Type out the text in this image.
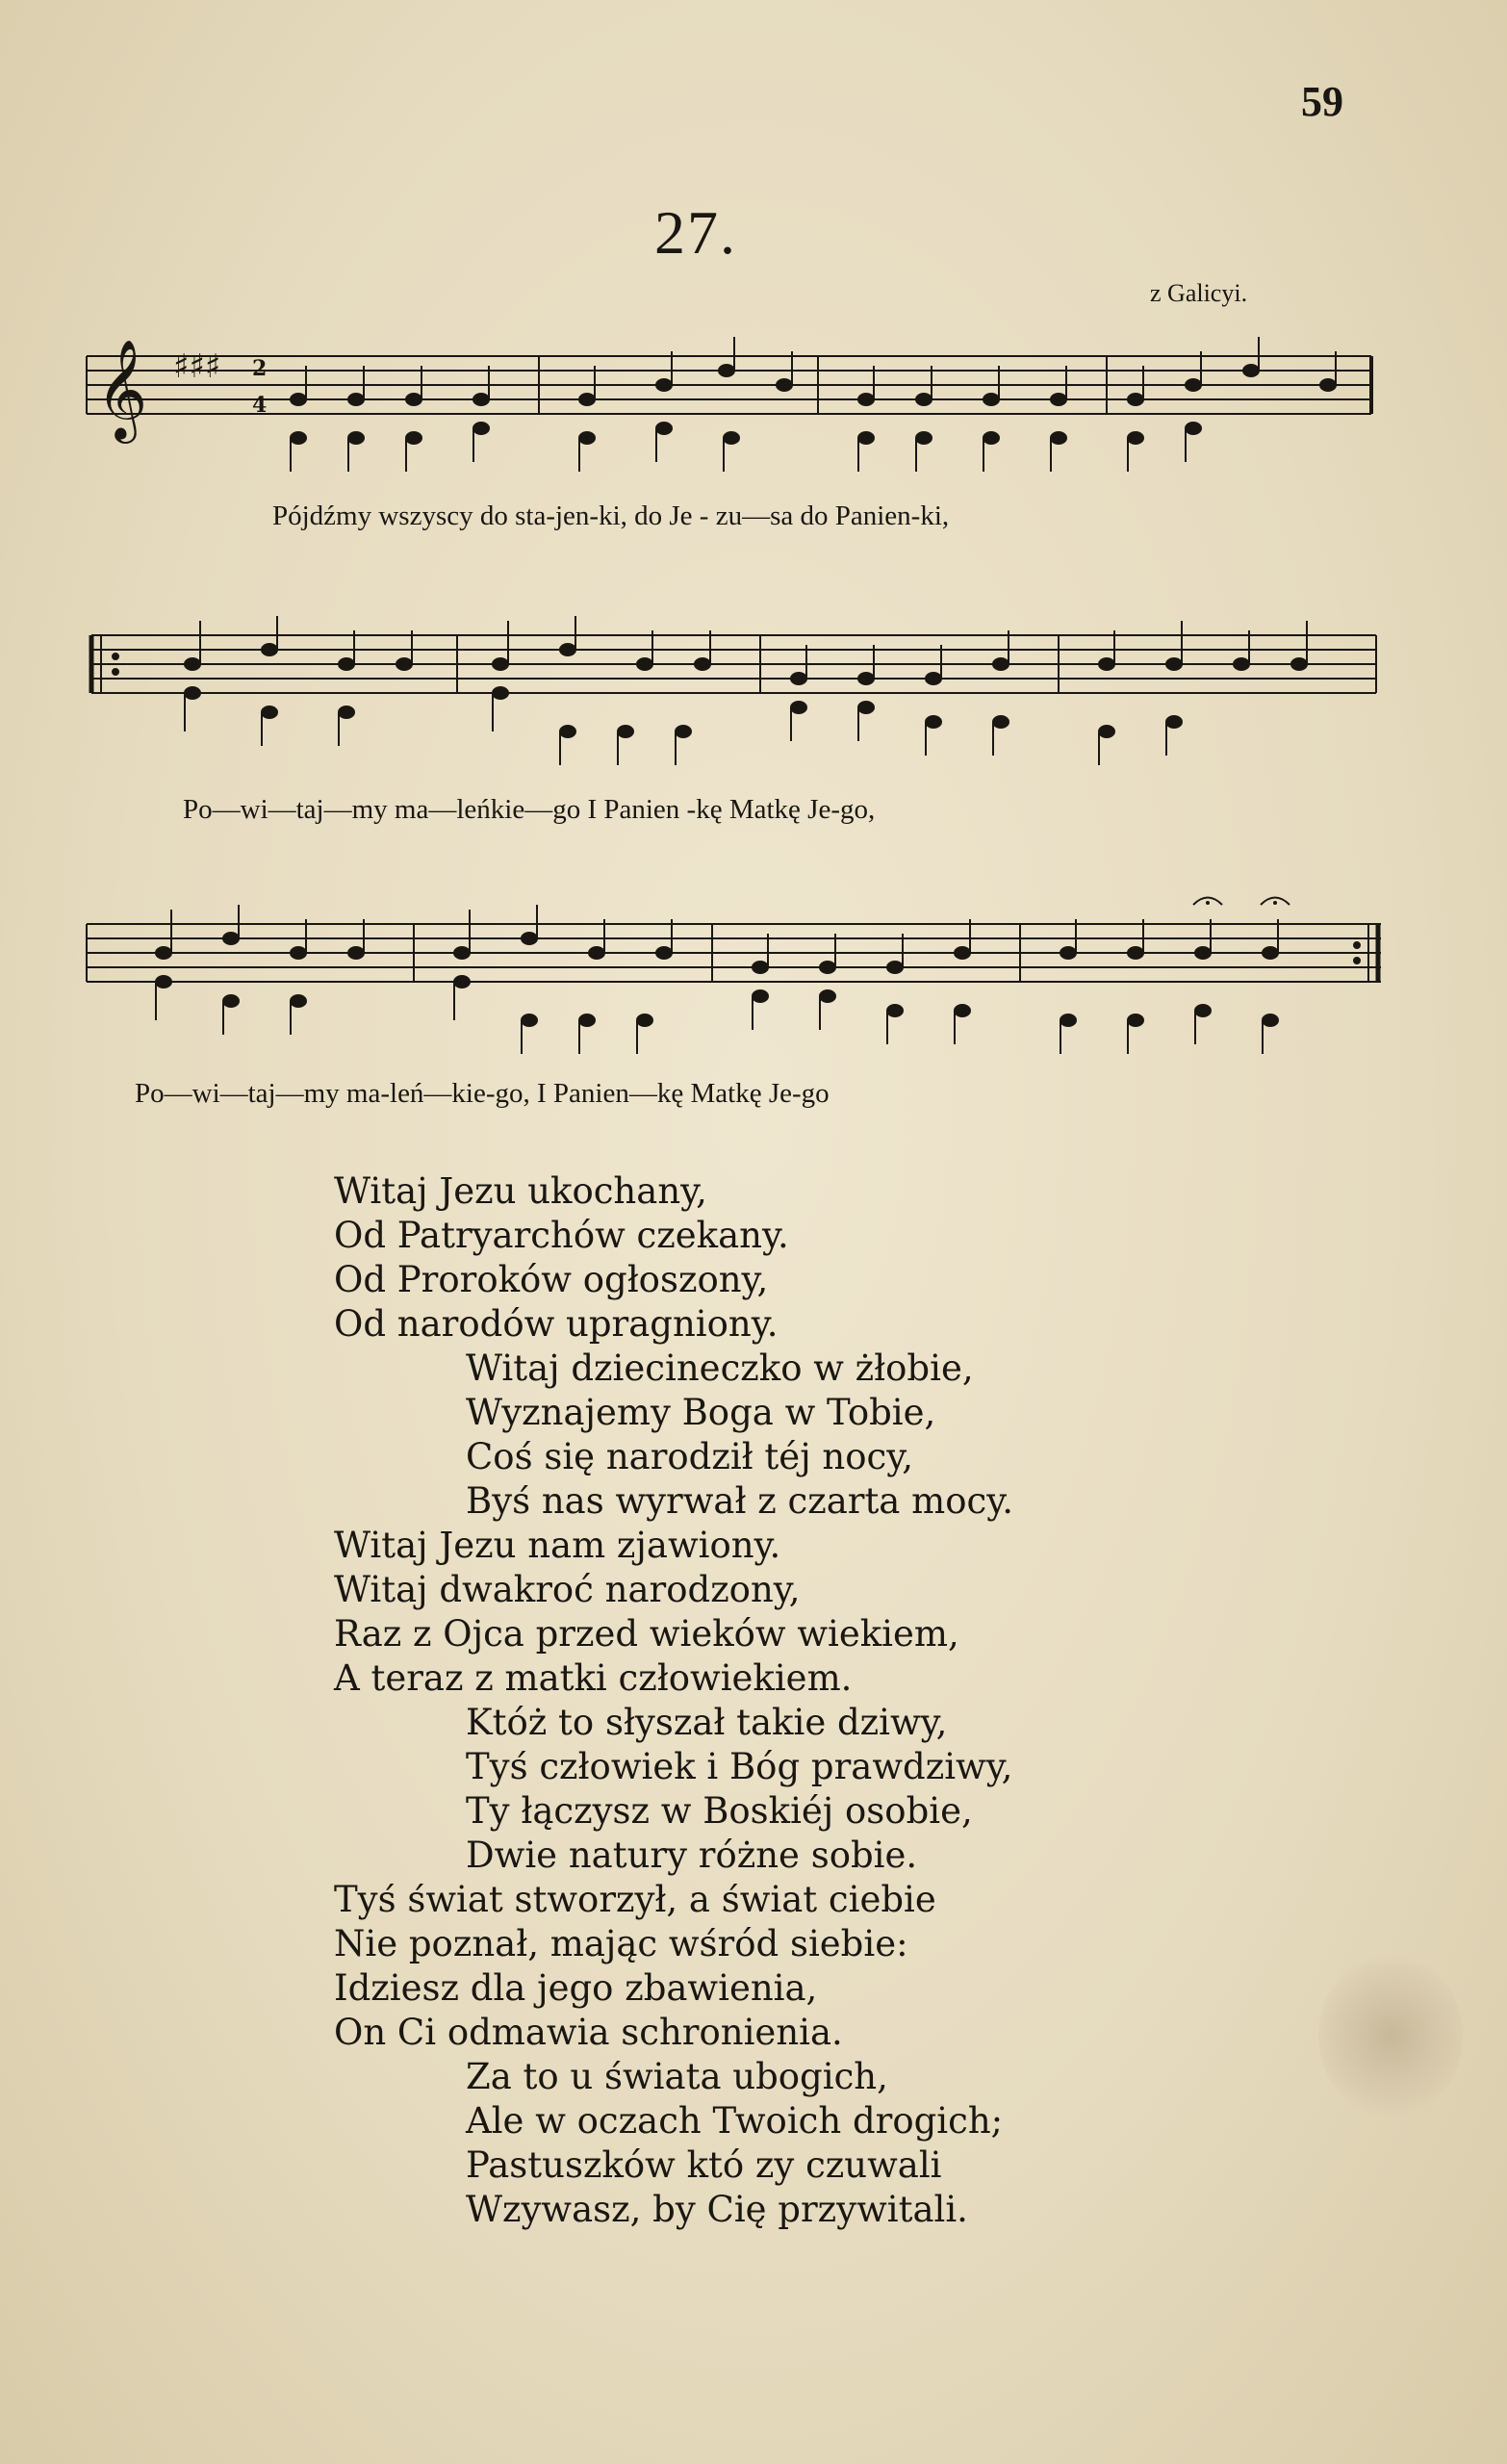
59
27.
z Galicyi.
𝄞 ♯♯♯ 2
4
Pójdźmy wszyscy do sta-jen-ki, do Je - zu—sa do Panien-ki,
Po—wi—taj—my ma—leńkie—go I Panien -kę Matkę Je-go,
Po—wi—taj—my ma-leń—kie-go, I Panien—kę Matkę Je-go
Witaj Jezu ukochany,
Od Patryarchów czekany.
Od Proroków ogłoszony,
Od narodów upragniony.
Witaj dziecineczko w żłobie,
Wyznajemy Boga w Tobie,
Coś się narodził téj nocy,
Byś nas wyrwał z czarta mocy.
Witaj Jezu nam zjawiony.
Witaj dwakroć narodzony,
Raz z Ojca przed wieków wiekiem,
A teraz z matki człowiekiem.
Któż to słyszał takie dziwy,
Tyś człowiek i Bóg prawdziwy,
Ty łączysz w Boskiéj osobie,
Dwie natury różne sobie.
Tyś świat stworzył, a świat ciebie
Nie poznał, mając wśród siebie:
Idziesz dla jego zbawienia,
On Ci odmawia schronienia.
Za to u świata ubogich,
Ale w oczach Twoich drogich;
Pastuszków któ zy czuwali
Wzywasz, by Cię przywitali.
